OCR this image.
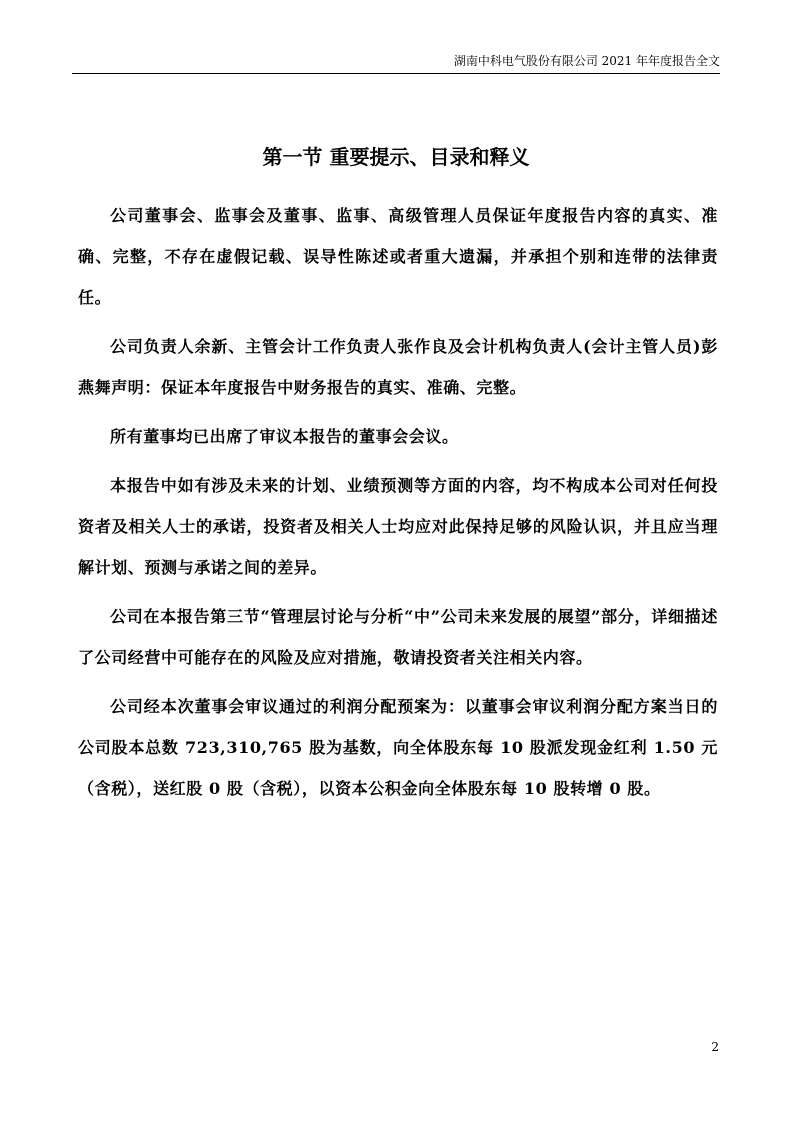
湖南中科电气股份有限公司 2021 年年度报告全文
第一节 重要提示、目录和释义

公司董事会、监事会及董事、监事、高级管理人员保证年度报告内容的真实、准确、完整，不存在虚假记载、误导性陈述或者重大遗漏，并承担个别和连带的法律责任。

公司负责人余新、主管会计工作负责人张作良及会计机构负责人(会计主管人员)彭燕舞声明：保证本年度报告中财务报告的真实、准确、完整。

所有董事均已出席了审议本报告的董事会会议。

本报告中如有涉及未来的计划、业绩预测等方面的内容，均不构成本公司对任何投资者及相关人士的承诺，投资者及相关人士均应对此保持足够的风险认识，并且应当理解计划、预测与承诺之间的差异。

公司在本报告第三节“管理层讨论与分析“中”公司未来发展的展望”部分，详细描述了公司经营中可能存在的风险及应对措施，敬请投资者关注相关内容。

公司经本次董事会审议通过的利润分配预案为：以董事会审议利润分配方案当日的公司股本总数 723,310,765 股为基数，向全体股东每 10 股派发现金红利 1.50 元（含税），送红股 0 股（含税），以资本公积金向全体股东每 10 股转增 0 股。

2
